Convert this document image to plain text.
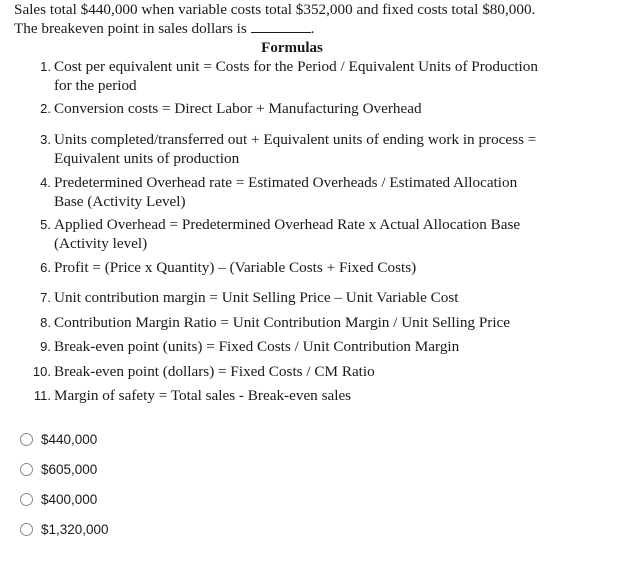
Sales total $440,000 when variable costs total $352,000 and fixed costs total $80,000.
The breakeven point in sales dollars is	.
Formulas
1. Cost per equivalent unit = Costs for the Period / Equivalent Units of Production
for the period
2. Conversion costs = Direct Labor + Manufacturing Overhead
3. Units completed/transferred out + Equivalent units of ending work in process =
Equivalent units of production
4. Predetermined Overhead rate = Estimated Overheads / Estimated Allocation
Base (Activity Level)
5. Applied Overhead = Predetermined Overhead Rate x Actual Allocation Base
(Activity level)
6. Profit = (Price x Quantity) – (Variable Costs + Fixed Costs)
7. Unit contribution margin = Unit Selling Price – Unit Variable Cost
8. Contribution Margin Ratio = Unit Contribution Margin / Unit Selling Price
9. Break-even point (units) = Fixed Costs / Unit Contribution Margin
10. Break-even point (dollars) = Fixed Costs / CM Ratio
11. Margin of safety = Total sales - Break-even sales
$440,000
$605,000
$400,000
$1,320,000
